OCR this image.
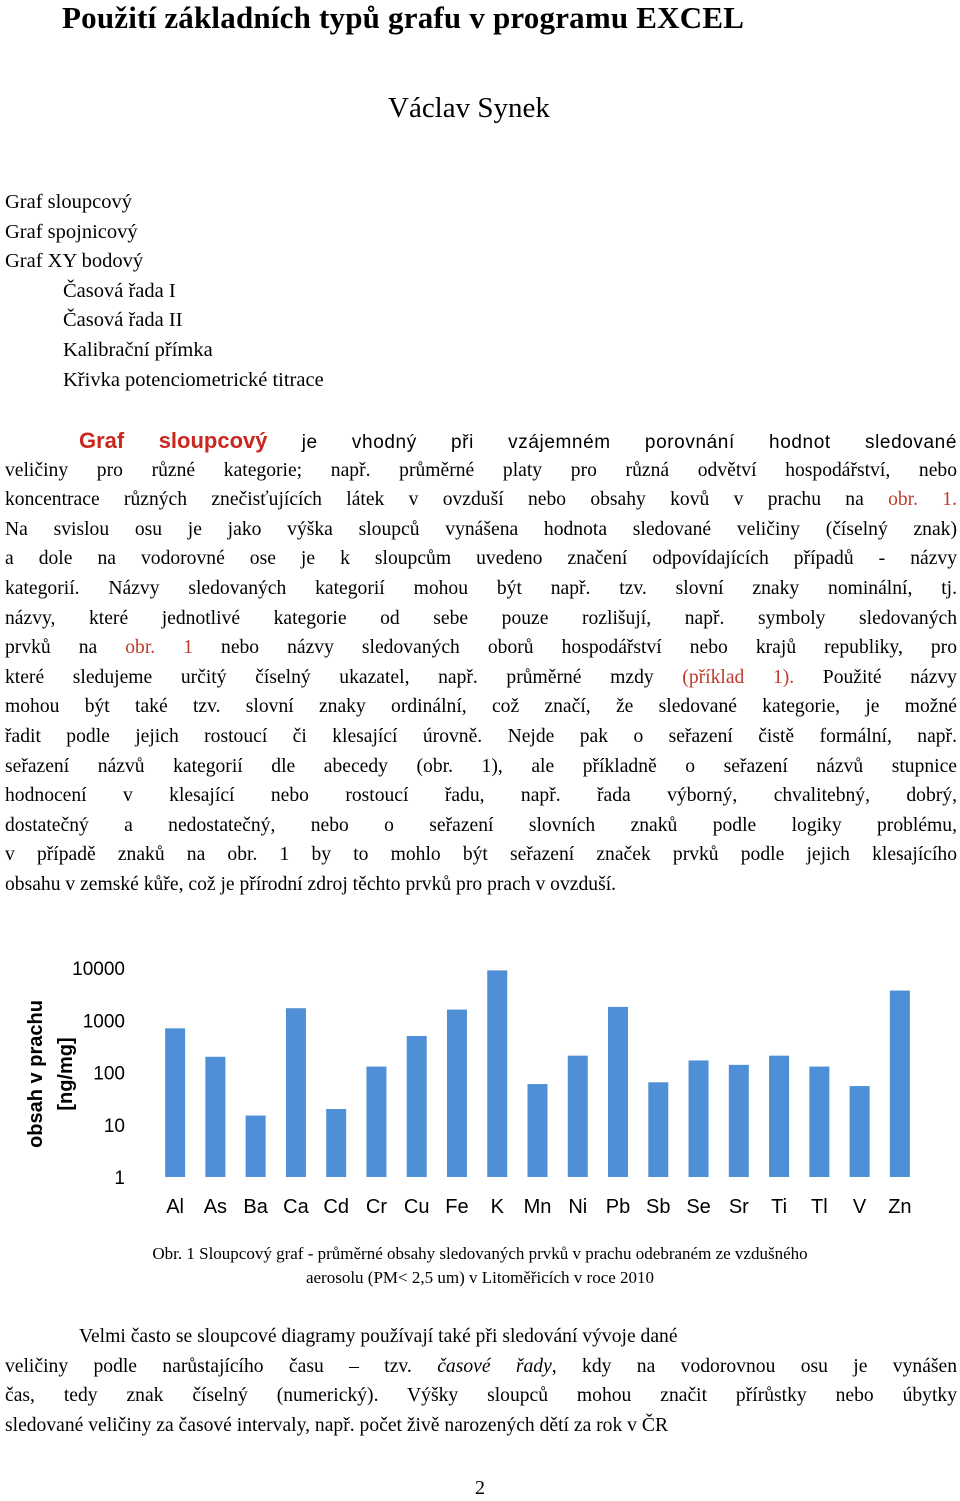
Použití základních typů grafu v programu EXCEL
Václav Synek
Graf sloupcový
Graf spojnicový
Graf XY bodový
Časová řada I
Časová řada II
Kalibrační přímka
Křivka potenciometrické titrace
Graf sloupcový je vhodný při vzájemném porovnání hodnot sledované
veličiny pro různé kategorie; např. průměrné platy pro různá odvětví hospodářství, nebo
koncentrace různých znečisťujících látek v ovzduší nebo obsahy kovů v prachu na obr. 1.
Na svislou osu je jako výška sloupců vynášena hodnota sledované veličiny (číselný znak)
a dole na vodorovné ose je k sloupcům uvedeno značení odpovídajících případů - názvy
kategorií. Názvy sledovaných kategorií mohou být např. tzv. slovní znaky nominální, tj.
názvy, které jednotlivé kategorie od sebe pouze rozlišují, např. symboly sledovaných
prvků na obr. 1 nebo názvy sledovaných oborů hospodářství nebo krajů republiky, pro
které sledujeme určitý číselný ukazatel, např. průměrné mzdy (příklad 1). Použité názvy
mohou být také tzv. slovní znaky ordinální, což značí, že sledované kategorie, je možné
řadit podle jejich rostoucí či klesající úrovně. Nejde pak o seřazení čistě formální, např.
seřazení názvů kategorií dle abecedy (obr. 1), ale příkladně o seřazení názvů stupnice
hodnocení v klesající nebo rostoucí řadu, např. řada výborný, chvalitebný, dobrý,
dostatečný a nedostatečný, nebo o seřazení slovních znaků podle logiky problému,
v případě znaků na obr. 1 by to mohlo být seřazení značek prvků podle jejich klesajícího
obsahu v zemské kůře, což je přírodní zdroj těchto prvků pro prach v ovzduší.
obsah v prachu [ng/mg]
10000
1000
100
10
1
Al As Ba Ca Cd Cr Cu Fe K Mn Ni Pb Sb Se Sr Ti Tl V Zn
Obr. 1 Sloupcový graf - průměrné obsahy sledovaných prvků v prachu odebraném ze vzdušného
aerosolu (PM< 2,5 um) v Litoměřicích v roce 2010
Velmi často se sloupcové diagramy používají také při sledování vývoje dané
veličiny podle narůstajícího času – tzv. časové řady, kdy na vodorovnou osu je vynášen
čas, tedy znak číselný (numerický). Výšky sloupců mohou značit přírůstky nebo úbytky
sledované veličiny za časové intervaly, např. počet živě narozených dětí za rok v ČR
2
